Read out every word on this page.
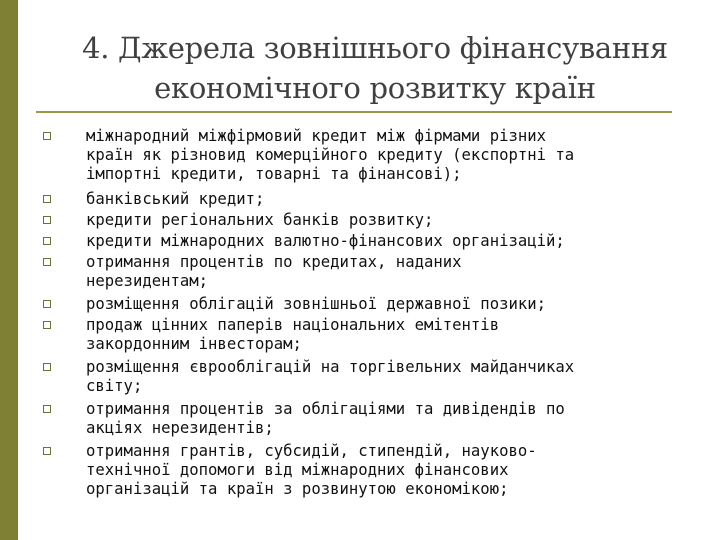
4. Джерела зовнішнього фінансування
економічного розвитку країн
міжнародний міжфірмовий кредит між фірмами різних
країн як різновид комерційного кредиту (експортні та
імпортні кредити, товарні та фінансові);
банківський кредит;
кредити регіональних банків розвитку;
кредити міжнародних валютно-фінансових організацій;
отримання процентів по кредитах, наданих
нерезидентам;
розміщення облігацій зовнішньої державної позики;
продаж цінних паперів національних емітентів
закордонним інвесторам;
розміщення єврооблігацій на торгівельних майданчиках
світу;
отримання процентів за облігаціями та дивідендів по
акціях нерезидентів;
отримання грантів, субсидій, стипендій, науково-
технічної допомоги від міжнародних фінансових
організацій та країн з розвинутою економікою;
